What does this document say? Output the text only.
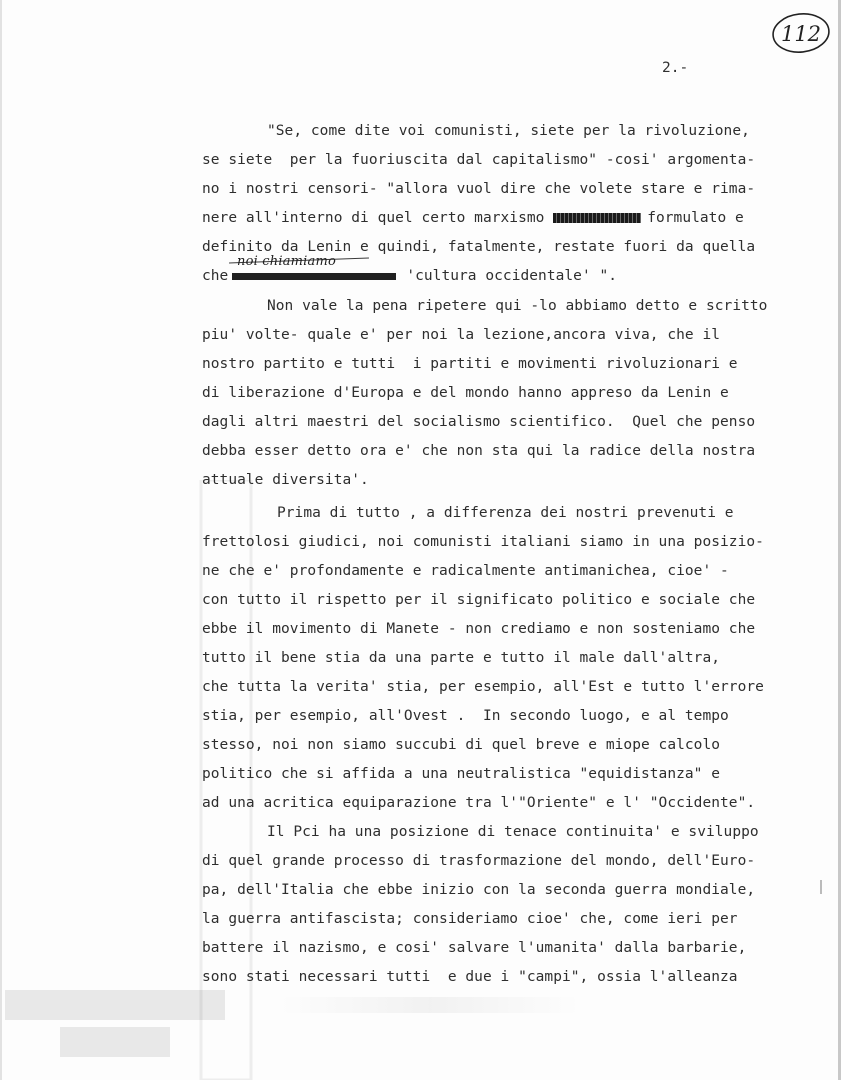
112
2.-
"Se, come dite voi comunisti, siete per la rivoluzione,
se siete  per la fuoriuscita dal capitalismo" -cosi' argomenta-
no i nostri censori- "allora vuol dire che volete stare e rima-
nere all'interno di quel certo marxismo	formulato e
definito da Lenin e quindi, fatalmente, restate fuori da quella
noi chiamiamo
che	'cultura occidentale' ".
Non vale la pena ripetere qui -lo abbiamo detto e scritto
piu' volte- quale e' per noi la lezione,ancora viva, che il
nostro partito e tutti  i partiti e movimenti rivoluzionari e
di liberazione d'Europa e del mondo hanno appreso da Lenin e
dagli altri maestri del socialismo scientifico.  Quel che penso
debba esser detto ora e' che non sta qui la radice della nostra
attuale diversita'.
Prima di tutto , a differenza dei nostri prevenuti e
frettolosi giudici, noi comunisti italiani siamo in una posizio-
ne che e' profondamente e radicalmente antimanichea, cioe' -
con tutto il rispetto per il significato politico e sociale che
ebbe il movimento di Manete - non crediamo e non sosteniamo che
tutto il bene stia da una parte e tutto il male dall'altra,
che tutta la verita' stia, per esempio, all'Est e tutto l'errore
stia, per esempio, all'Ovest .  In secondo luogo, e al tempo
stesso, noi non siamo succubi di quel breve e miope calcolo
politico che si affida a una neutralistica "equidistanza" e
ad una acritica equiparazione tra l'"Oriente" e l' "Occidente".
Il Pci ha una posizione di tenace continuita' e sviluppo
di quel grande processo di trasformazione del mondo, dell'Euro-
pa, dell'Italia che ebbe inizio con la seconda guerra mondiale,
la guerra antifascista; consideriamo cioe' che, come ieri per
battere il nazismo, e cosi' salvare l'umanita' dalla barbarie,
sono stati necessari tutti  e due i "campi", ossia l'alleanza
